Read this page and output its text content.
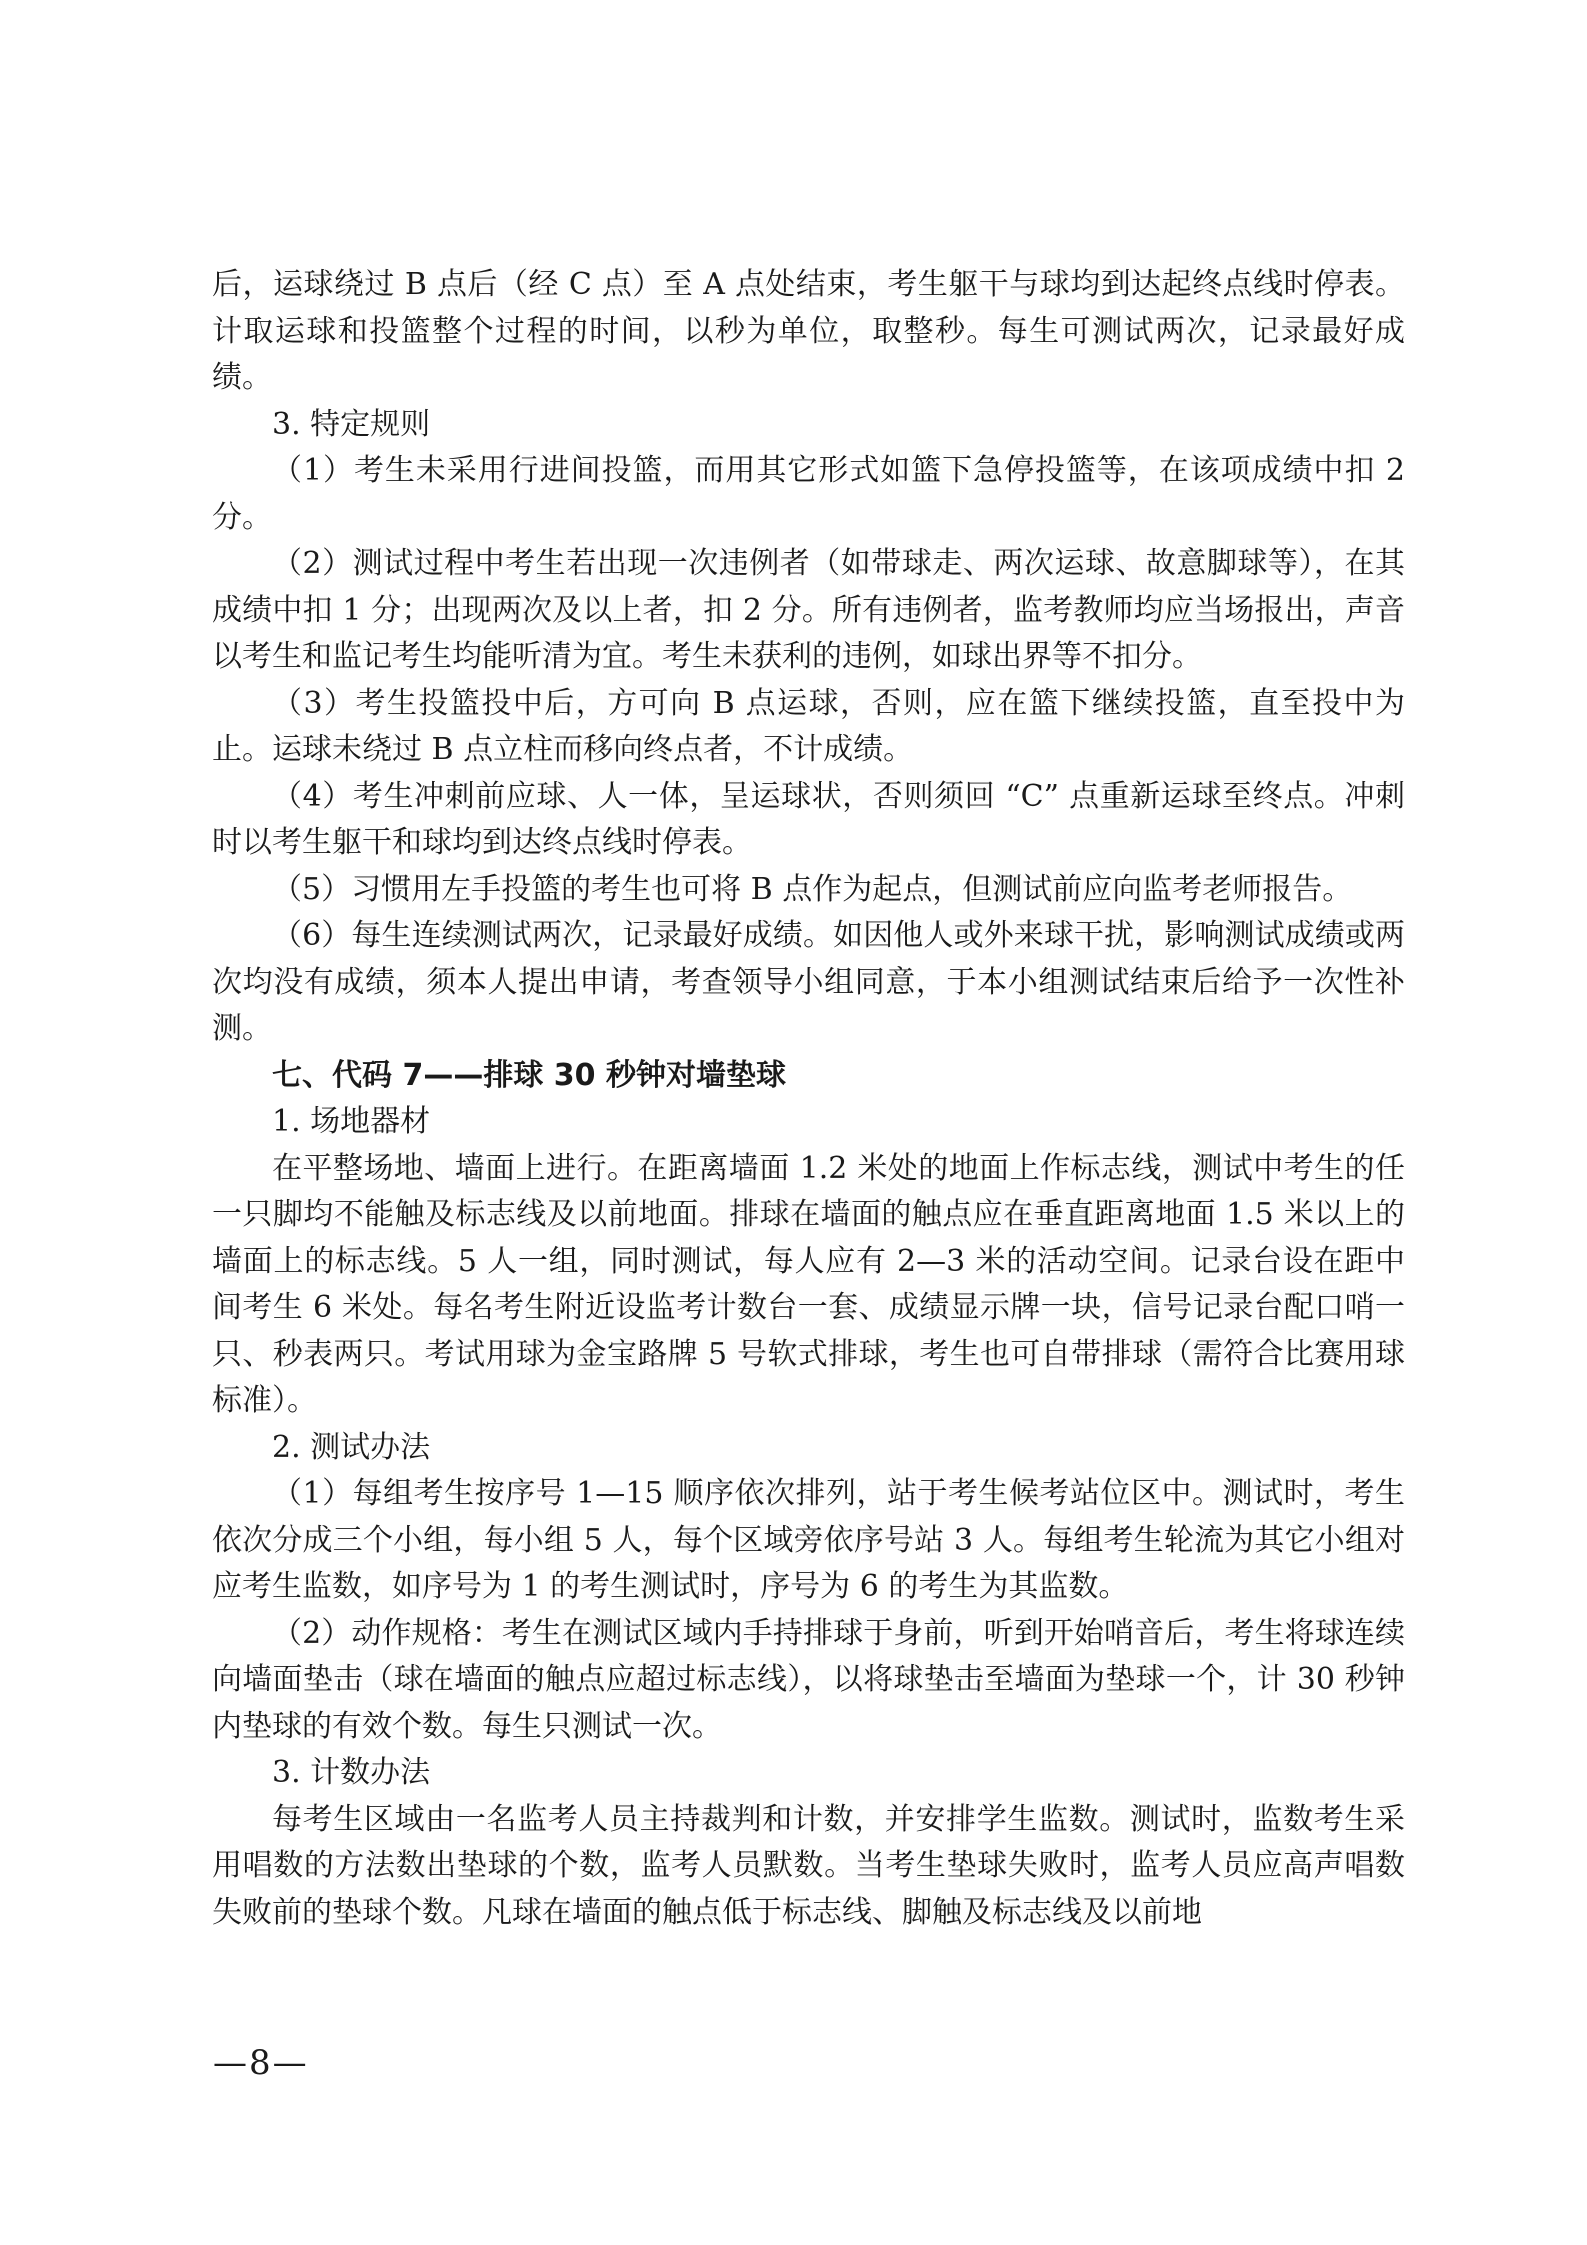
后，运球绕过 B 点后（经 C 点）至 A 点处结束，考生躯干与球均到达起终点线时停表。计取运球和投篮整个过程的时间，以秒为单位，取整秒。每生可测试两次，记录最好成绩。

3. 特定规则

（1）考生未采用行进间投篮，而用其它形式如篮下急停投篮等，在该项成绩中扣 2 分。

（2）测试过程中考生若出现一次违例者（如带球走、两次运球、故意脚球等），在其成绩中扣 1 分；出现两次及以上者，扣 2 分。所有违例者，监考教师均应当场报出，声音以考生和监记考生均能听清为宜。考生未获利的违例，如球出界等不扣分。

（3）考生投篮投中后，方可向 B 点运球，否则，应在篮下继续投篮，直至投中为止。运球未绕过 B 点立柱而移向终点者，不计成绩。

（4）考生冲刺前应球、人一体，呈运球状，否则须回 “C” 点重新运球至终点。冲刺时以考生躯干和球均到达终点线时停表。

（5）习惯用左手投篮的考生也可将 B 点作为起点，但测试前应向监考老师报告。

（6）每生连续测试两次，记录最好成绩。如因他人或外来球干扰，影响测试成绩或两次均没有成绩，须本人提出申请，考查领导小组同意，于本小组测试结束后给予一次性补测。

七、代码 7——排球 30 秒钟对墙垫球

1. 场地器材

在平整场地、墙面上进行。在距离墙面 1.2 米处的地面上作标志线，测试中考生的任一只脚均不能触及标志线及以前地面。排球在墙面的触点应在垂直距离地面 1.5 米以上的墙面上的标志线。5 人一组，同时测试，每人应有 2—3 米的活动空间。记录台设在距中间考生 6 米处。每名考生附近设监考计数台一套、成绩显示牌一块，信号记录台配口哨一只、秒表两只。考试用球为金宝路牌 5 号软式排球，考生也可自带排球（需符合比赛用球标准）。

2. 测试办法

（1）每组考生按序号 1—15 顺序依次排列，站于考生候考站位区中。测试时，考生依次分成三个小组，每小组 5 人，每个区域旁依序号站 3 人。每组考生轮流为其它小组对应考生监数，如序号为 1 的考生测试时，序号为 6 的考生为其监数。

（2）动作规格：考生在测试区域内手持排球于身前，听到开始哨音后，考生将球连续向墙面垫击（球在墙面的触点应超过标志线），以将球垫击至墙面为垫球一个，计 30 秒钟内垫球的有效个数。每生只测试一次。

3. 计数办法

每考生区域由一名监考人员主持裁判和计数，并安排学生监数。测试时，监数考生采用唱数的方法数出垫球的个数，监考人员默数。当考生垫球失败时，监考人员应高声唱数失败前的垫球个数。凡球在墙面的触点低于标志线、脚触及标志线及以前地

—8—
